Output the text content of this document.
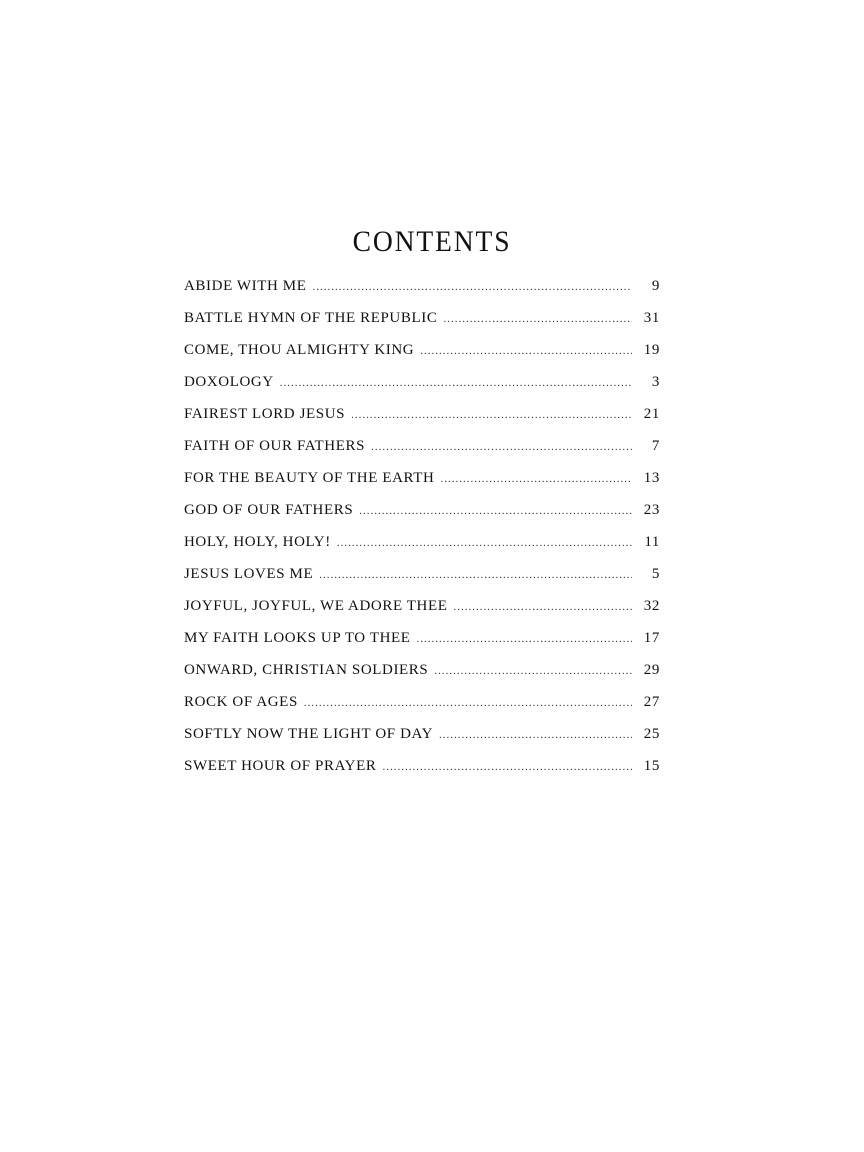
CONTENTS
ABIDE WITH ME .....	9
BATTLE HYMN OF THE REPUBLIC .....	31
COME, THOU ALMIGHTY KING .....	19
DOXOLOGY .....	3
FAIREST LORD JESUS .....	21
FAITH OF OUR FATHERS .....	7
FOR THE BEAUTY OF THE EARTH .....	13
GOD OF OUR FATHERS .....	23
HOLY, HOLY, HOLY! .....	11
JESUS LOVES ME .....	5
JOYFUL, JOYFUL, WE ADORE THEE .....	32
MY FAITH LOOKS UP TO THEE .....	17
ONWARD, CHRISTIAN SOLDIERS .....	29
ROCK OF AGES .....	27
SOFTLY NOW THE LIGHT OF DAY .....	25
SWEET HOUR OF PRAYER .....	15
